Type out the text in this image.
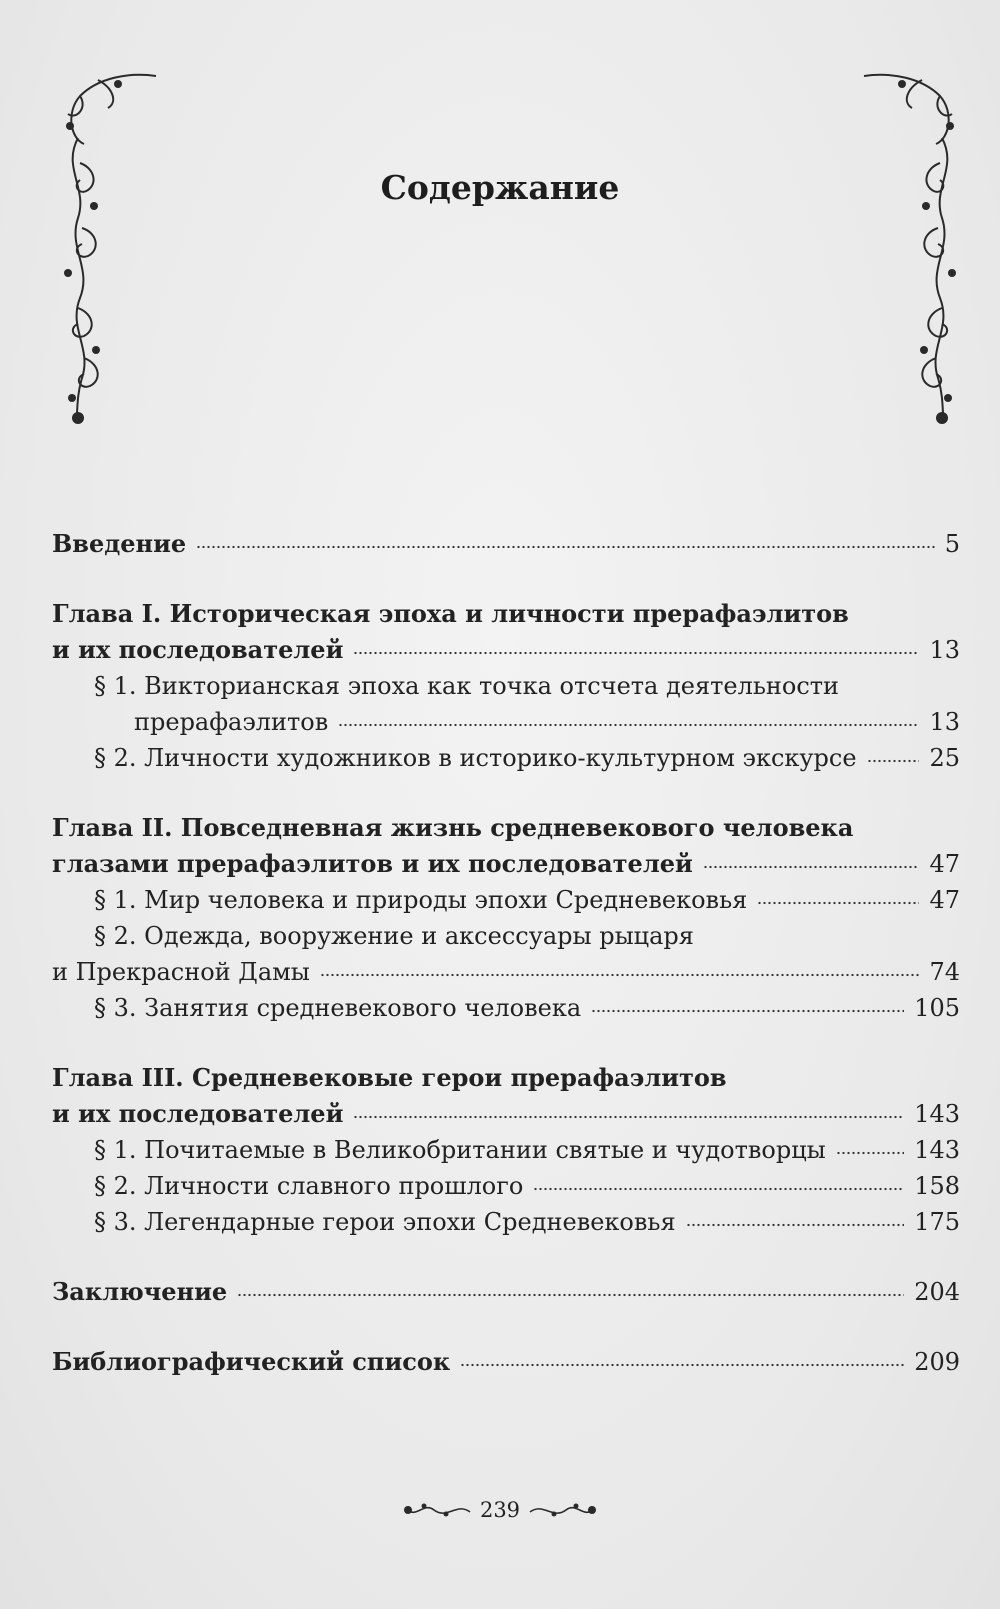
Содержание
Введение	5
Глава I. Историческая эпоха и личности прерафаэлитов
и их последователей	13
§ 1. Викторианская эпоха как точка отсчета деятельности
прерафаэлитов	13
§ 2. Личности художников в историко-культурном экскурсе	25
Глава II. Повседневная жизнь средневекового человека
глазами прерафаэлитов и их последователей	47
§ 1. Мир человека и природы эпохи Средневековья	47
§ 2. Одежда, вооружение и аксессуары рыцаря
и Прекрасной Дамы	74
§ 3. Занятия средневекового человека	105
Глава III. Средневековые герои прерафаэлитов
и их последователей	143
§ 1. Почитаемые в Великобритании святые и чудотворцы	143
§ 2. Личности славного прошлого	158
§ 3. Легендарные герои эпохи Средневековья	175
Заключение	204
Библиографический список	209
239
